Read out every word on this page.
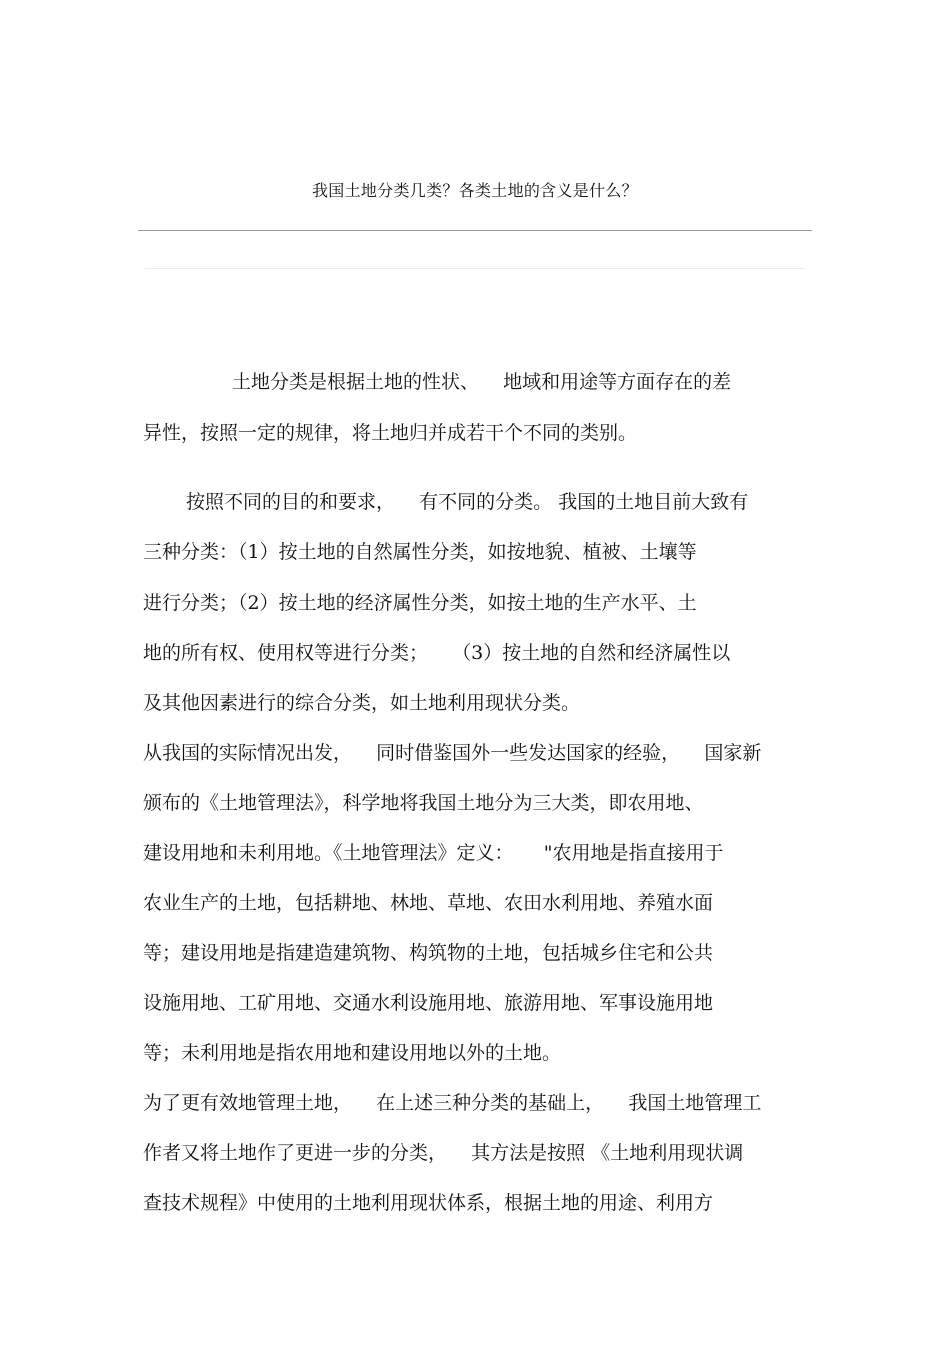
我国土地分类几类？各类土地的含义是什么？
土地分类是根据土地的性状、    地域和用途等方面存在的差
异性，按照一定的规律，将土地归并成若干个不同的类别。
按照不同的目的和要求，    有不同的分类。 我国的土地目前大致有
三种分类：（1）按土地的自然属性分类，如按地貌、植被、土壤等
进行分类；（2）按土地的经济属性分类，如按土地的生产水平、土
地的所有权、使用权等进行分类；    （3）按土地的自然和经济属性以
及其他因素进行的综合分类，如土地利用现状分类。
从我国的实际情况出发，    同时借鉴国外一些发达国家的经验，    国家新
颁布的《土地管理法》，科学地将我国土地分为三大类，即农用地、
建设用地和未利用地。《土地管理法》定义：     "农用地是指直接用于
农业生产的土地，包括耕地、林地、草地、农田水利用地、养殖水面
等；建设用地是指建造建筑物、构筑物的土地，包括城乡住宅和公共
设施用地、工矿用地、交通水利设施用地、旅游用地、军事设施用地
等；未利用地是指农用地和建设用地以外的土地。
为了更有效地管理土地，    在上述三种分类的基础上，    我国土地管理工
作者又将土地作了更进一步的分类，    其方法是按照 《土地利用现状调
查技术规程》中使用的土地利用现状体系，根据土地的用途、利用方
